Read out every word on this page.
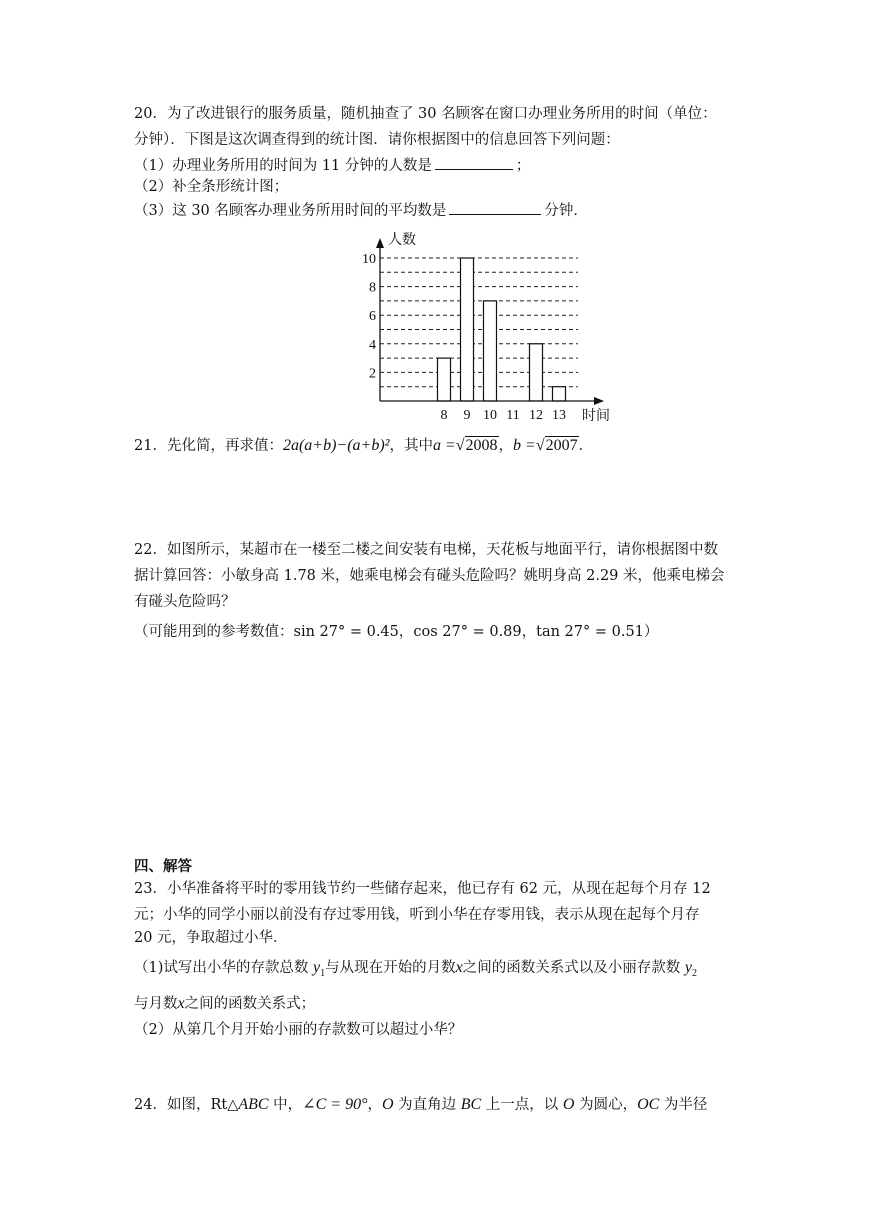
20．为了改进银行的服务质量，随机抽查了 30 名顾客在窗口办理业务所用的时间（单位：
分钟）．下图是这次调查得到的统计图．请你根据图中的信息回答下列问题：
（1）办理业务所用的时间为 11 分钟的人数是	；
（2）补全条形统计图；
（3）这 30 名顾客办理业务所用时间的平均数是	分钟．
2
4
6
8
10
8 9 10 11 12 13
人数
时间
21．先化简，再求值：2a(a+b)−(a+b)²，其中a =√2008，b =√2007．
22．如图所示，某超市在一楼至二楼之间安装有电梯，天花板与地面平行，请你根据图中数
据计算回答：小敏身高 1.78 米，她乘电梯会有碰头危险吗？姚明身高 2.29 米，他乘电梯会
有碰头危险吗？
（可能用到的参考数值：sin 27° = 0.45，cos 27° = 0.89，tan 27° = 0.51）
四、解答
23．小华准备将平时的零用钱节约一些储存起来，他已存有 62 元，从现在起每个月存 12
元；小华的同学小丽以前没有存过零用钱，听到小华在存零用钱，表示从现在起每个月存
20 元，争取超过小华．
（1)试写出小华的存款总数 $y_1$与从现在开始的月数x之间的函数关系式以及小丽存款数 $y_2$
与月数x之间的函数关系式；
（2）从第几个月开始小丽的存款数可以超过小华？
24．如图，Rt△ABC 中，∠C = 90°，O 为直角边 BC 上一点，以 O 为圆心，OC 为半径
